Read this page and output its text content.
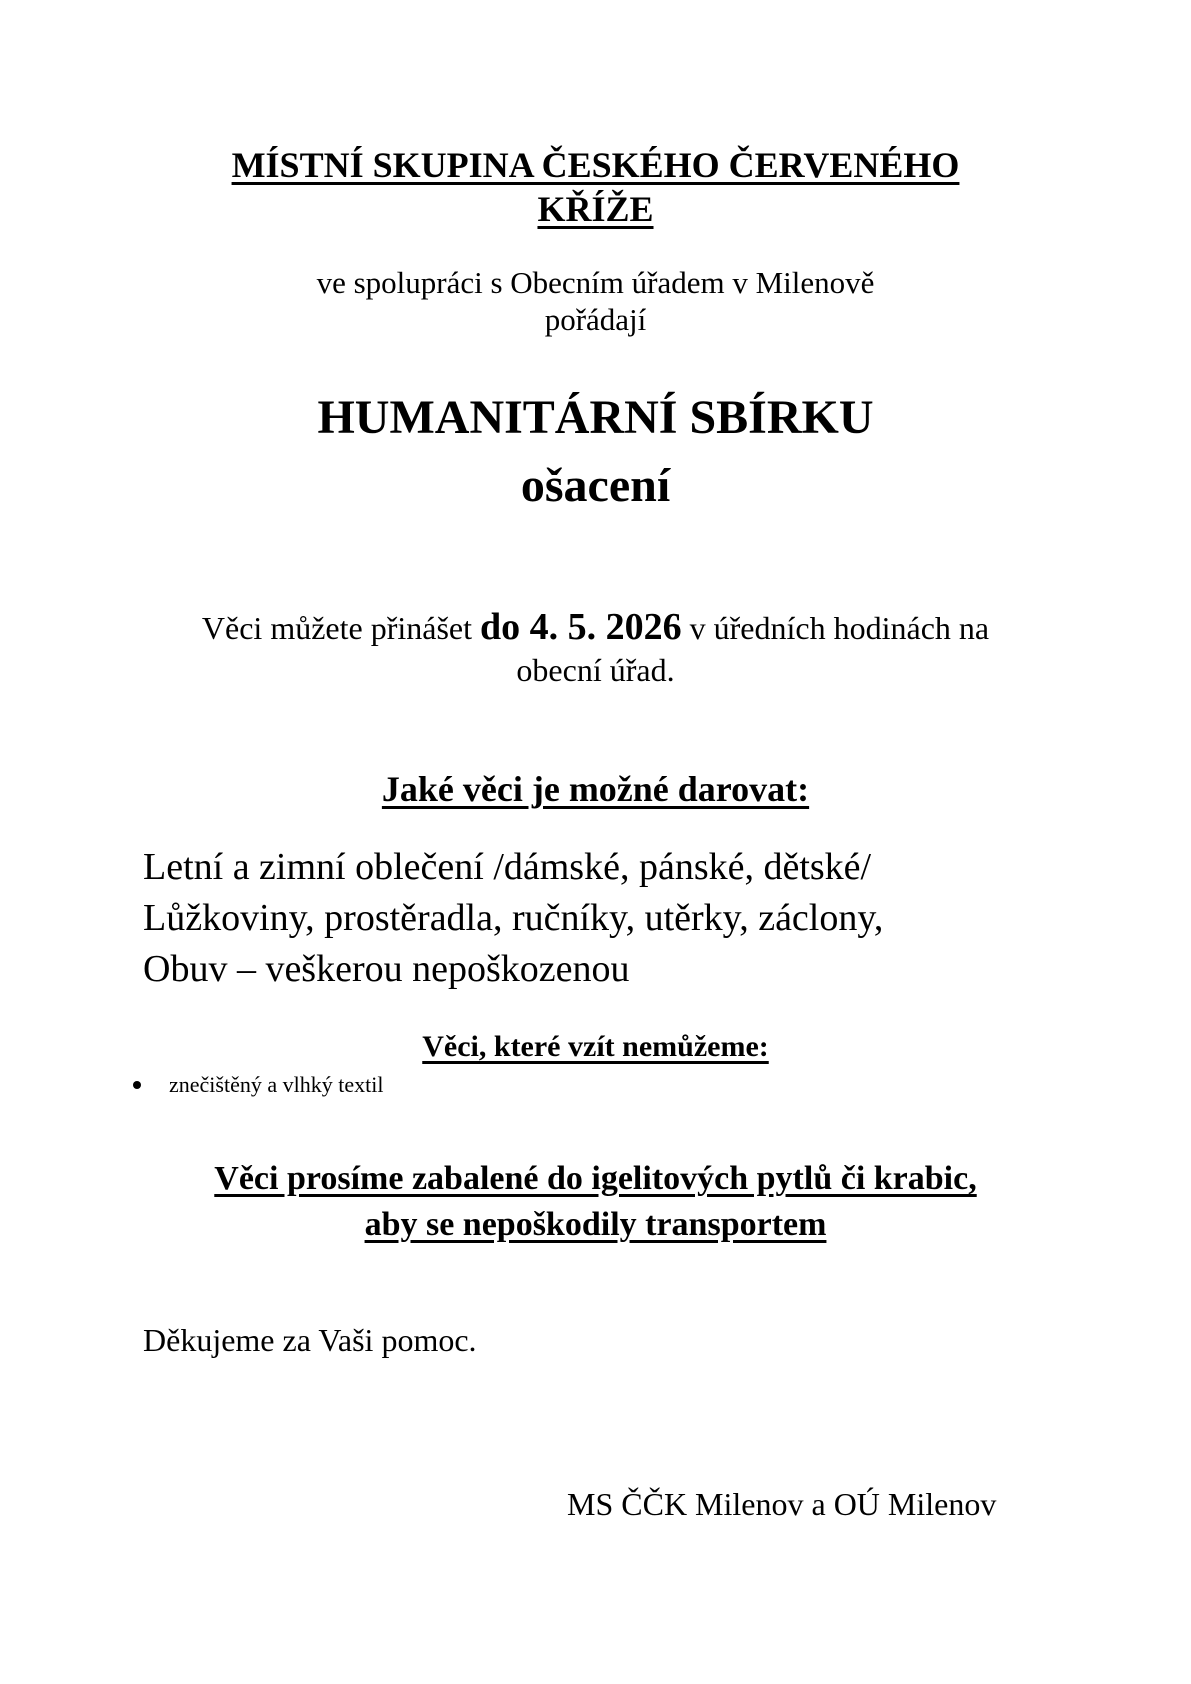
MÍSTNÍ SKUPINA ČESKÉHO ČERVENÉHO
KŘÍŽE
ve spolupráci s Obecním úřadem v Milenově
pořádají
HUMANITÁRNÍ SBÍRKU
ošacení
Věci můžete přinášet do 4. 5. 2026 v úředních hodinách na
obecní úřad.
Jaké věci je možné darovat:
Letní a zimní oblečení /dámské, pánské, dětské/
Lůžkoviny, prostěradla, ručníky, utěrky, záclony,
Obuv – veškerou nepoškozenou
Věci, které vzít nemůžeme:
znečištěný a vlhký textil
Věci prosíme zabalené do igelitových pytlů či krabic,
aby se nepoškodily transportem
Děkujeme za Vaši pomoc.
MS ČČK Milenov a OÚ Milenov
